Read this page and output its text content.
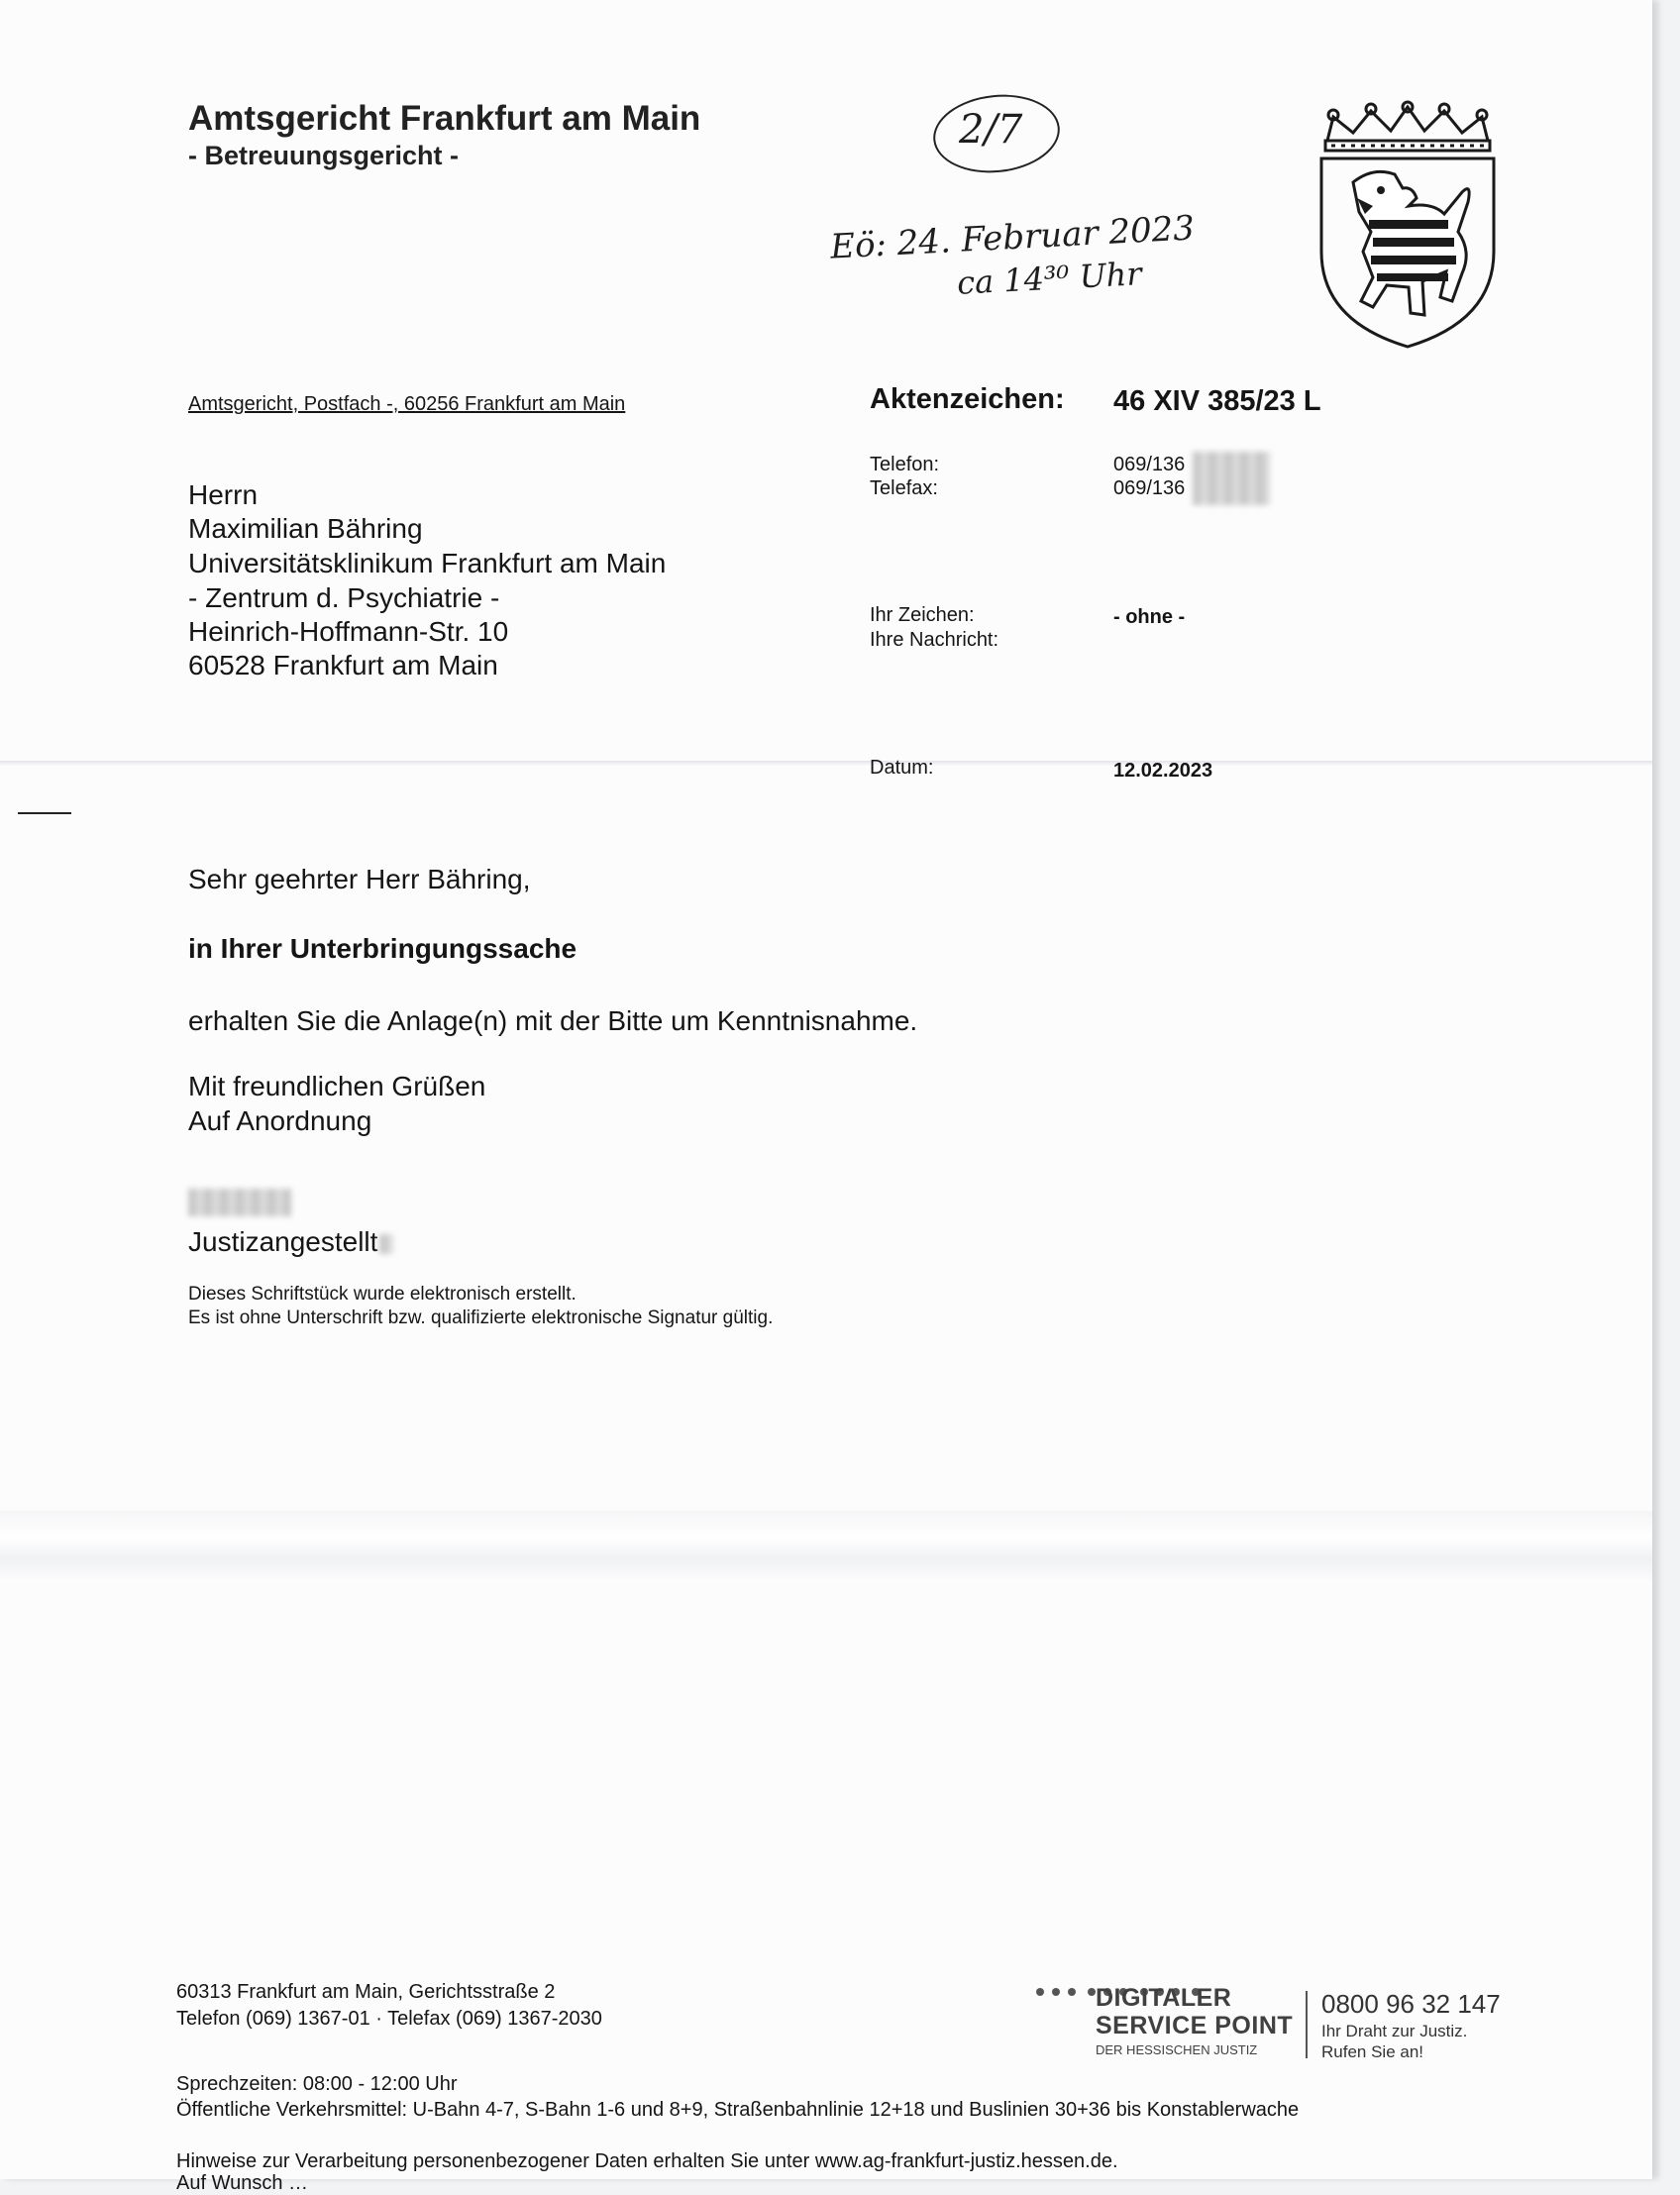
Amtsgericht Frankfurt am Main
- Betreuungsgericht -
2/7
Eö: 24. Februar 2023
ca 14³⁰ Uhr
Amtsgericht, Postfach -, 60256 Frankfurt am Main
Herrn
Maximilian Bähring
Universitätsklinikum Frankfurt am Main
- Zentrum d. Psychiatrie -
Heinrich-Hoffmann-Str. 10
60528 Frankfurt am Main
Aktenzeichen: 46 XIV 385/23 L
Telefon:
Telefax:
069/136
069/136
Ihr Zeichen:
Ihre Nachricht:
- ohne -
Datum:	12.02.2023
Sehr geehrter Herr Bähring,
in Ihrer Unterbringungssache
erhalten Sie die Anlage(n) mit der Bitte um Kenntnisnahme.
Mit freundlichen Grüßen
Auf Anordnung
Justizangestellt
Dieses Schriftstück wurde elektronisch erstellt.
Es ist ohne Unterschrift bzw. qualifizierte elektronische Signatur gültig.
60313 Frankfurt am Main, Gerichtsstraße 2
Telefon (069) 1367-01 · Telefax (069) 1367-2030
Sprechzeiten: 08:00 - 12:00 Uhr
Öffentliche Verkehrsmittel: U-Bahn 4-7, S-Bahn 1-6 und 8+9, Straßenbahnlinie 12+18 und Buslinien 30+36 bis Konstablerwache
Hinweise zur Verarbeitung personenbezogener Daten erhalten Sie unter www.ag-frankfurt-justiz.hessen.de.
Auf Wunsch …

DIGITALER
SERVICE POINT
DER HESSISCHEN JUSTIZ
0800 96 32 147
Ihr Draht zur Justiz.
Rufen Sie an!
